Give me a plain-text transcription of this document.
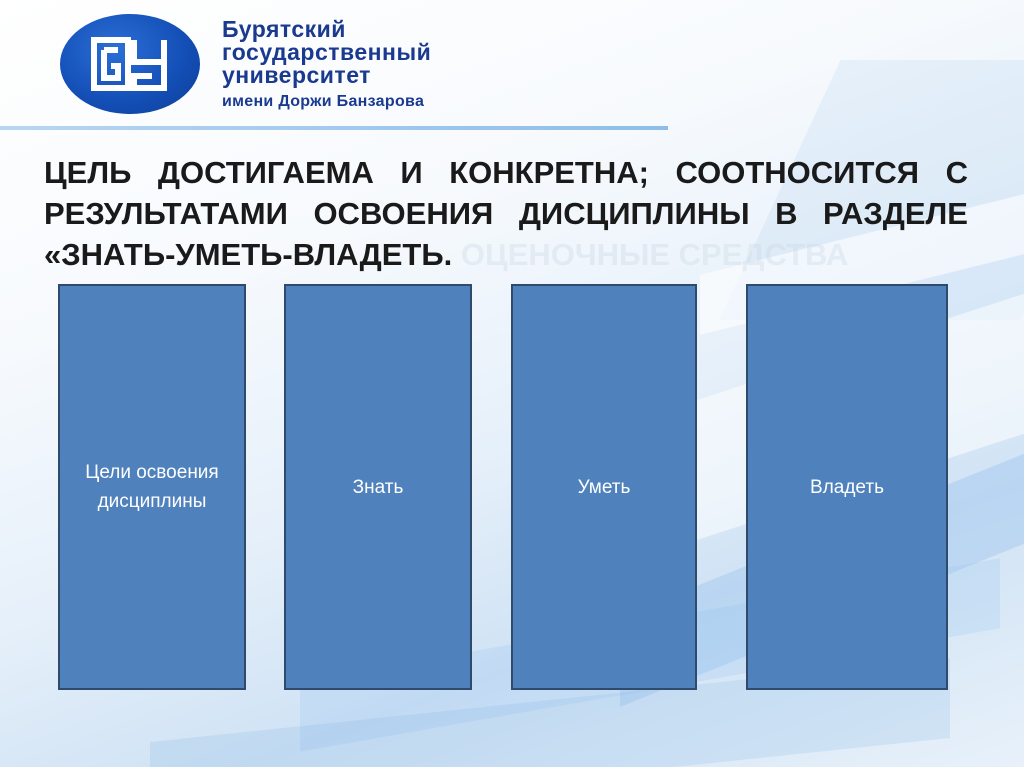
Бурятский
государственный
университет
имени Доржи Банзарова

ЦЕЛЬ ДОСТИГАЕМА И КОНКРЕТНА; СООТНОСИТСЯ С РЕЗУЛЬТАТАМИ ОСВОЕНИЯ ДИСЦИПЛИНЫ В РАЗДЕЛЕ «ЗНАТЬ-УМЕТЬ-ВЛАДЕТЬ. ОЦЕНОЧНЫЕ СРЕДСТВА

Цели освоения дисциплины
Знать	Уметь	Владеть
